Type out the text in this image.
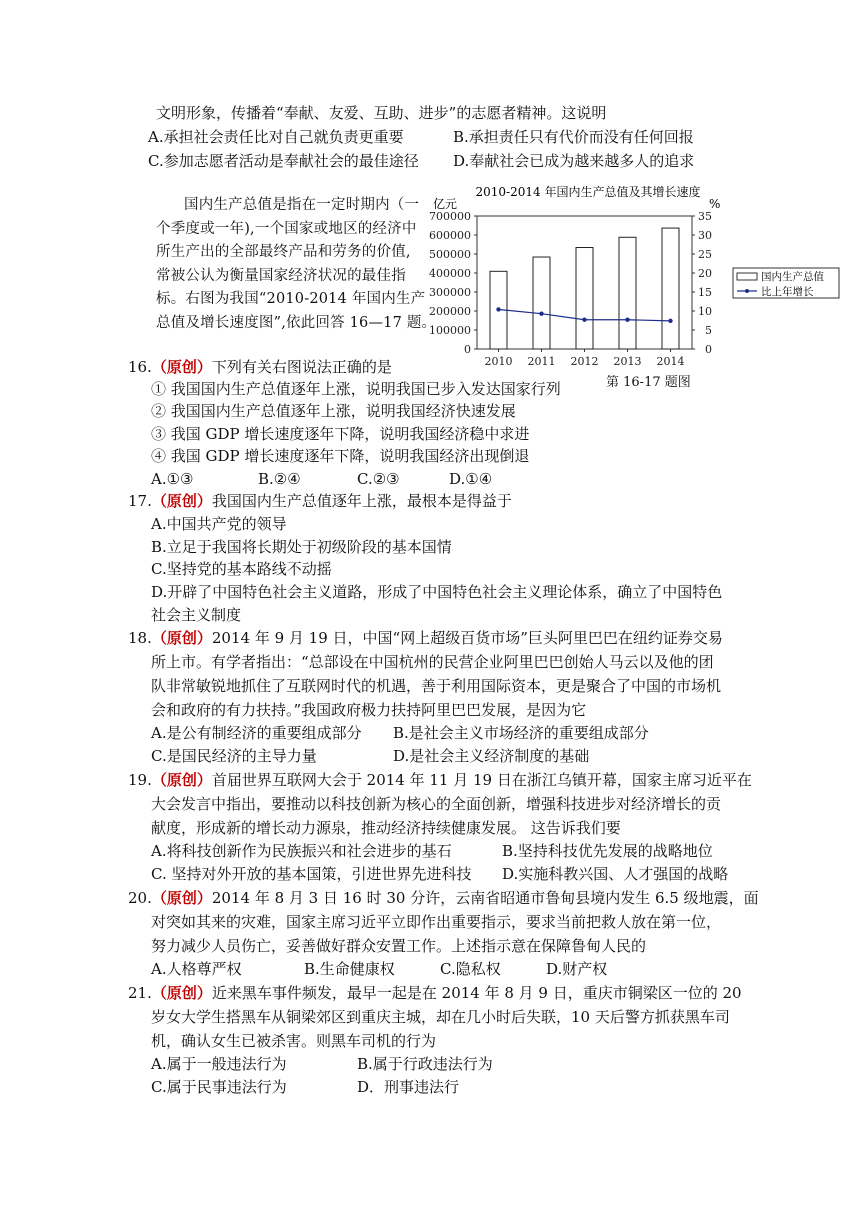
文明形象，传播着“奉献、友爱、互助、进步”的志愿者精神。这说明
A.承担社会责任比对自己就负责更重要	B.承担责任只有代价而没有任何回报
C.参加志愿者活动是奉献社会的最佳途径 D.奉献社会已成为越来越多人的追求
国内生产总值是指在一定时期内（一
个季度或一年),一个国家或地区的经济中
所生产出的全部最终产品和劳务的价值,
常被公认为衡量国家经济状况的最佳指
标。右图为我国“2010-2014 年国内生产
总值及增长速度图”,依此回答 16—17 题。
2010-2014 年国内生产总值及其增长速度
亿元	%
0
100000
200000
300000
400000
500000
600000
700000
0
5
10
15
20
25
30
35
2010 2011 2012 2013 2014
国内生产总值
比上年增长
第 16-17 题图
16.（原创）下列有关右图说法正确的是
① 我国国内生产总值逐年上涨，说明我国已步入发达国家行列
② 我国国内生产总值逐年上涨，说明我国经济快速发展
③ 我国 GDP 增长速度逐年下降，说明我国经济稳中求进
④ 我国 GDP 增长速度逐年下降，说明我国经济出现倒退
A.①③	B.②④	C.②③	D.①④
17.（原创）我国国内生产总值逐年上涨，最根本是得益于
A.中国共产党的领导
B.立足于我国将长期处于初级阶段的基本国情
C.坚持党的基本路线不动摇
D.开辟了中国特色社会主义道路，形成了中国特色社会主义理论体系，确立了中国特色
社会主义制度
18.（原创）2014 年 9 月 19 日，中国“网上超级百货市场”巨头阿里巴巴在纽约证券交易
所上市。有学者指出：“总部设在中国杭州的民营企业阿里巴巴创始人马云以及他的团
队非常敏锐地抓住了互联网时代的机遇，善于利用国际资本，更是聚合了中国的市场机
会和政府的有力扶持。”我国政府极力扶持阿里巴巴发展，是因为它
A.是公有制经济的重要组成部分 B.是社会主义市场经济的重要组成部分
C.是国民经济的主导力量	D.是社会主义经济制度的基础
19.（原创）首届世界互联网大会于 2014 年 11 月 19 日在浙江乌镇开幕，国家主席习近平在
大会发言中指出，要推动以科技创新为核心的全面创新，增强科技进步对经济增长的贡
献度，形成新的增长动力源泉，推动经济持续健康发展。 这告诉我们要
A.将科技创新作为民族振兴和社会进步的基石	B.坚持科技优先发展的战略地位
C. 坚持对外开放的基本国策，引进世界先进科技 D.实施科教兴国、人才强国的战略
20.（原创）2014 年 8 月 3 日 16 时 30 分许，云南省昭通市鲁甸县境内发生 6.5 级地震，面
对突如其来的灾难，国家主席习近平立即作出重要指示，要求当前把救人放在第一位，
努力减少人员伤亡，妥善做好群众安置工作。上述指示意在保障鲁甸人民的
A.人格尊严权	B.生命健康权	C.隐私权	D.财产权
21.（原创）近来黑车事件频发，最早一起是在 2014 年 8 月 9 日，重庆市铜梁区一位的 20
岁女大学生搭黑车从铜梁郊区到重庆主城，却在几小时后失联，10 天后警方抓获黑车司
机，确认女生已被杀害。则黑车司机的行为
A.属于一般违法行为	B.属于行政违法行为
C.属于民事违法行为	D．刑事违法行
